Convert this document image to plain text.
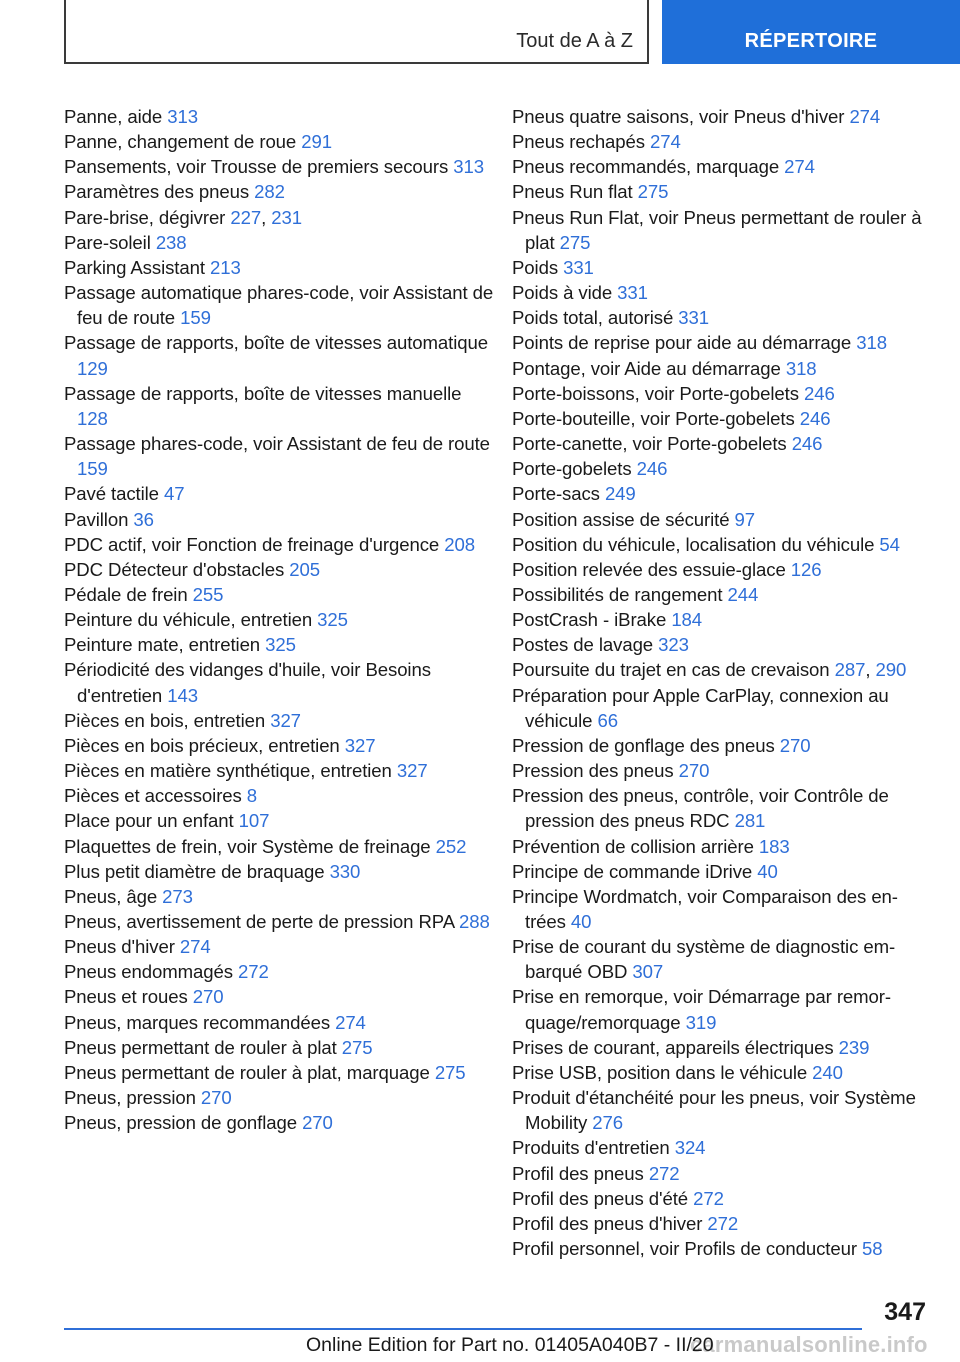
Tout de A à Z	RÉPERTOIRE
Panne, aide 313
Panne, changement de roue 291
Pansements, voir Trousse de premiers secours 313
Paramètres des pneus 282
Pare-brise, dégivrer 227, 231
Pare-soleil 238
Parking Assistant 213
Passage automatique phares-code, voir Assistant de feu de route 159
Passage de rapports, boîte de vitesses automatique 129
Passage de rapports, boîte de vitesses manuelle 128
Passage phares-code, voir Assistant de feu de route 159
Pavé tactile 47
Pavillon 36
PDC actif, voir Fonction de freinage d'urgence 208
PDC Détecteur d'obstacles 205
Pédale de frein 255
Peinture du véhicule, entretien 325
Peinture mate, entretien 325
Périodicité des vidanges d'huile, voir Besoins d'entretien 143
Pièces en bois, entretien 327
Pièces en bois précieux, entretien 327
Pièces en matière synthétique, entretien 327
Pièces et accessoires 8
Place pour un enfant 107
Plaquettes de frein, voir Système de freinage 252
Plus petit diamètre de braquage 330
Pneus, âge 273
Pneus, avertissement de perte de pression RPA 288
Pneus d'hiver 274
Pneus endommagés 272
Pneus et roues 270
Pneus, marques recommandées 274
Pneus permettant de rouler à plat 275
Pneus permettant de rouler à plat, marquage 275
Pneus, pression 270
Pneus, pression de gonflage 270
Pneus quatre saisons, voir Pneus d'hiver 274
Pneus rechapés 274
Pneus recommandés, marquage 274
Pneus Run flat 275
Pneus Run Flat, voir Pneus permettant de rouler à plat 275
Poids 331
Poids à vide 331
Poids total, autorisé 331
Points de reprise pour aide au démarrage 318
Pontage, voir Aide au démarrage 318
Porte-boissons, voir Porte-gobelets 246
Porte-bouteille, voir Porte-gobelets 246
Porte-canette, voir Porte-gobelets 246
Porte-gobelets 246
Porte-sacs 249
Position assise de sécurité 97
Position du véhicule, localisation du véhicule 54
Position relevée des essuie-glace 126
Possibilités de rangement 244
PostCrash - iBrake 184
Postes de lavage 323
Poursuite du trajet en cas de crevaison 287, 290
Préparation pour Apple CarPlay, connexion au véhicule 66
Pression de gonflage des pneus 270
Pression des pneus 270
Pression des pneus, contrôle, voir Contrôle de pression des pneus RDC 281
Prévention de collision arrière 183
Principe de commande iDrive 40
Principe Wordmatch, voir Comparaison des entrées 40
Prise de courant du système de diagnostic embarqué OBD 307
Prise en remorque, voir Démarrage par remorquage/remorquage 319
Prises de courant, appareils électriques 239
Prise USB, position dans le véhicule 240
Produit d'étanchéité pour les pneus, voir Système Mobility 276
Produits d'entretien 324
Profil des pneus 272
Profil des pneus d'été 272
Profil des pneus d'hiver 272
Profil personnel, voir Profils de conducteur 58
347
carmanualsonline.info
Online Edition for Part no. 01405A040B7 - II/20
